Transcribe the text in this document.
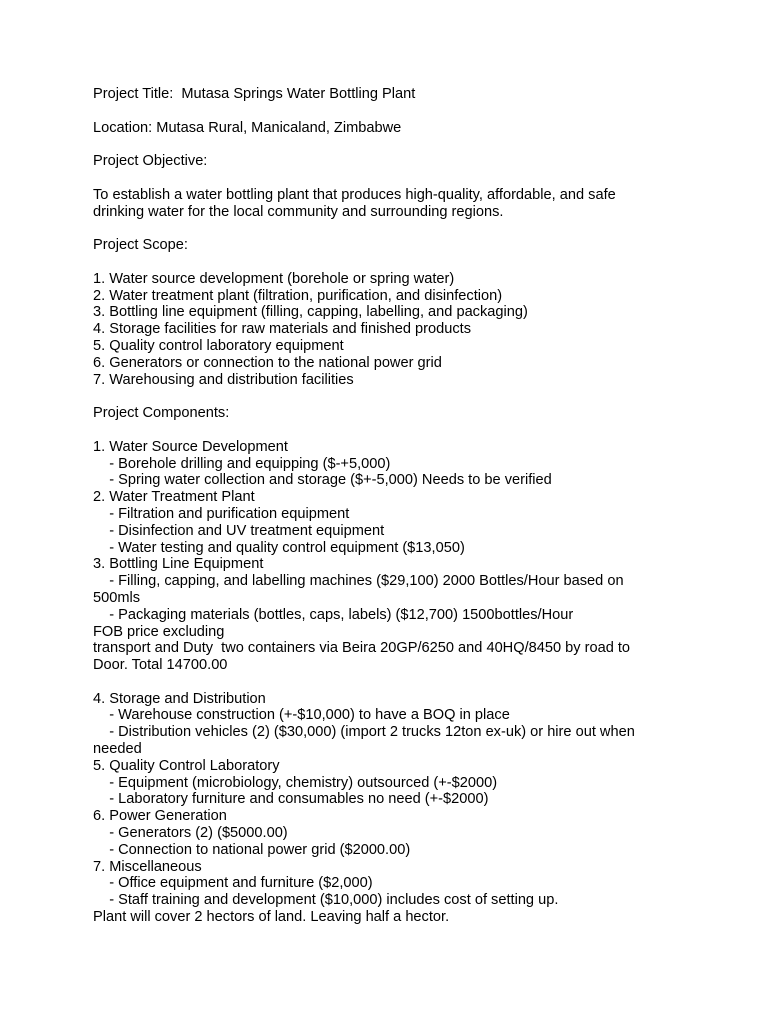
Project Title:  Mutasa Springs Water Bottling Plant

Location: Mutasa Rural, Manicaland, Zimbabwe

Project Objective:

To establish a water bottling plant that produces high-quality, affordable, and safe
drinking water for the local community and surrounding regions.

Project Scope:

1. Water source development (borehole or spring water)
2. Water treatment plant (filtration, purification, and disinfection)
3. Bottling line equipment (filling, capping, labelling, and packaging)
4. Storage facilities for raw materials and finished products
5. Quality control laboratory equipment
6. Generators or connection to the national power grid
7. Warehousing and distribution facilities

Project Components:

1. Water Source Development
- Borehole drilling and equipping ($-+5,000)
- Spring water collection and storage ($+-5,000) Needs to be verified
2. Water Treatment Plant
- Filtration and purification equipment
- Disinfection and UV treatment equipment
- Water testing and quality control equipment ($13,050)
3. Bottling Line Equipment
- Filling, capping, and labelling machines ($29,100) 2000 Bottles/Hour based on
500mls
- Packaging materials (bottles, caps, labels) ($12,700) 1500bottles/Hour
FOB price excluding
transport and Duty  two containers via Beira 20GP/6250 and 40HQ/8450 by road to
Door. Total 14700.00

4. Storage and Distribution
- Warehouse construction (+-$10,000) to have a BOQ in place
- Distribution vehicles (2) ($30,000) (import 2 trucks 12ton ex-uk) or hire out when
needed
5. Quality Control Laboratory
- Equipment (microbiology, chemistry) outsourced (+-$2000)
- Laboratory furniture and consumables no need (+-$2000)
6. Power Generation
- Generators (2) ($5000.00)
- Connection to national power grid ($2000.00)
7. Miscellaneous
- Office equipment and furniture ($2,000)
- Staff training and development ($10,000) includes cost of setting up.
Plant will cover 2 hectors of land. Leaving half a hector.
